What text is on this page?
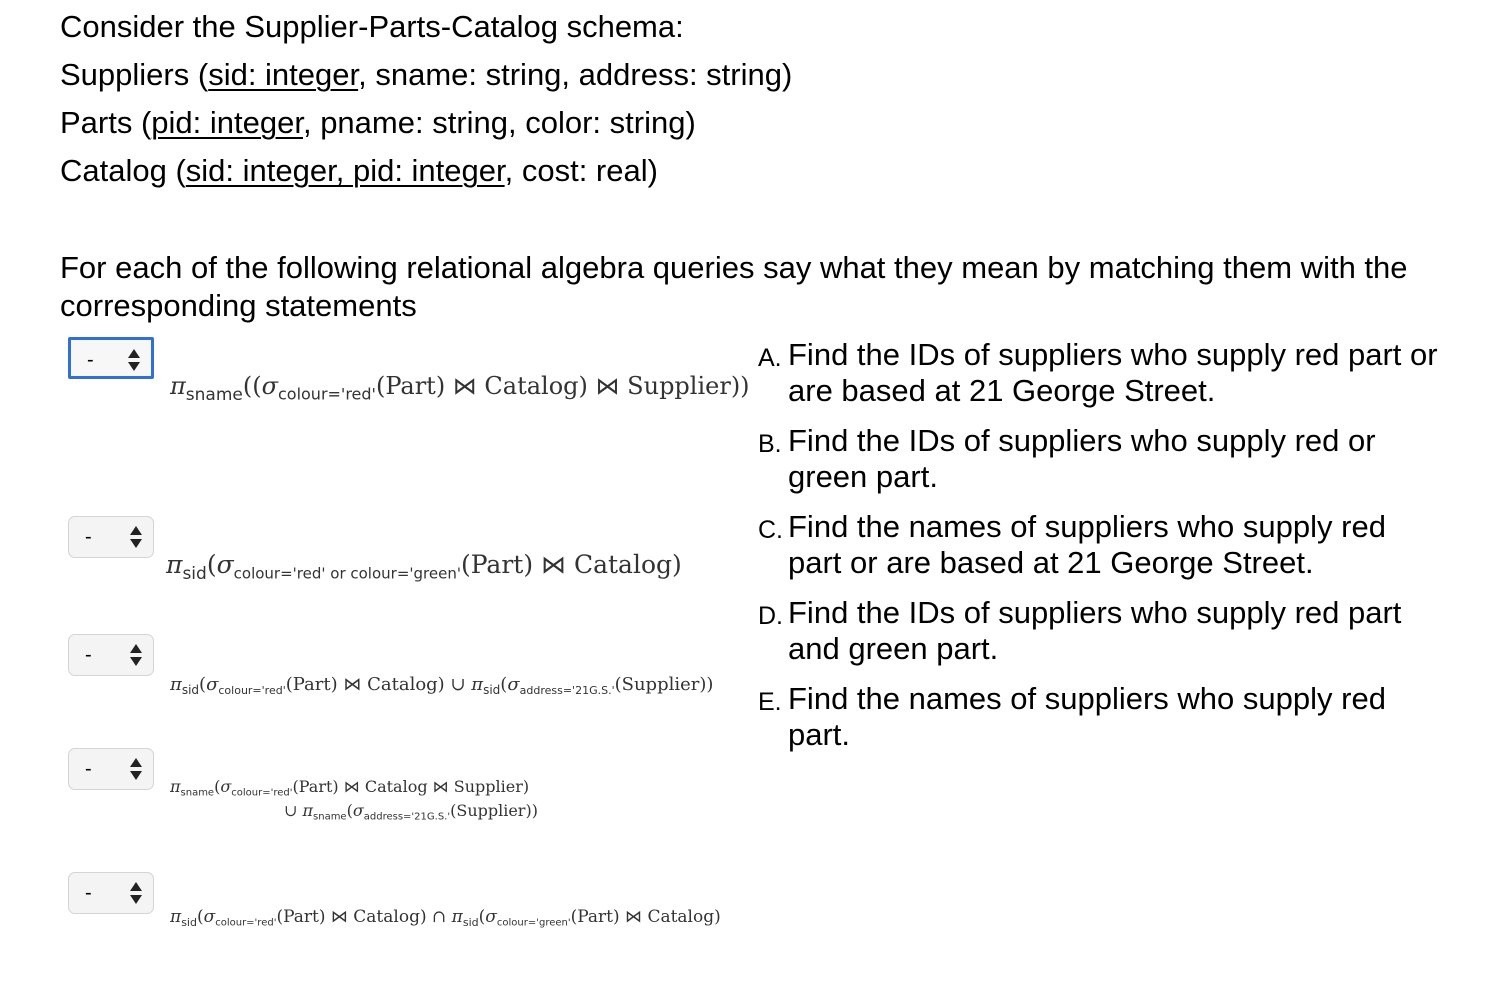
Consider the Supplier-Parts-Catalog schema:
Suppliers (sid: integer, sname: string, address: string)
Parts (pid: integer, pname: string, color: string)
Catalog (sid: integer, pid: integer, cost: real)
For each of the following relational algebra queries say what they mean by matching them with the corresponding statements
-
-
-
-
-
$\pi_{sname}((\sigma_{colour='red'}(Part)$ ⋈ Catalog) ⋈ Supplier))
$\pi_{sid}(\sigma_{colour='red' or colour='green'}(Part)$ ⋈ Catalog)
$\pi_{sid}(\sigma_{colour='red'}(Part)$ ⋈ Catalog) ∪ $\pi_{sid}(\sigma_{address='21G.S.'}(Supplier))$
$\pi_{sname}(\sigma_{colour='red'}(Part)$ ⋈ Catalog ⋈ Supplier)
∪ $\pi_{sname}(\sigma_{address='21G.S.'}(Supplier))$
$\pi_{sid}(\sigma_{colour='red'}(Part)$ ⋈ Catalog) ∩ $\pi_{sid}(\sigma_{colour='green'}(Part)$ ⋈ Catalog)
A. Find the IDs of suppliers who supply red part or are based at 21 George Street.
B. Find the IDs of suppliers who supply red or green part.
C. Find the names of suppliers who supply red part or are based at 21 George Street.
D. Find the IDs of suppliers who supply red part and green part.
E. Find the names of suppliers who supply red part.
